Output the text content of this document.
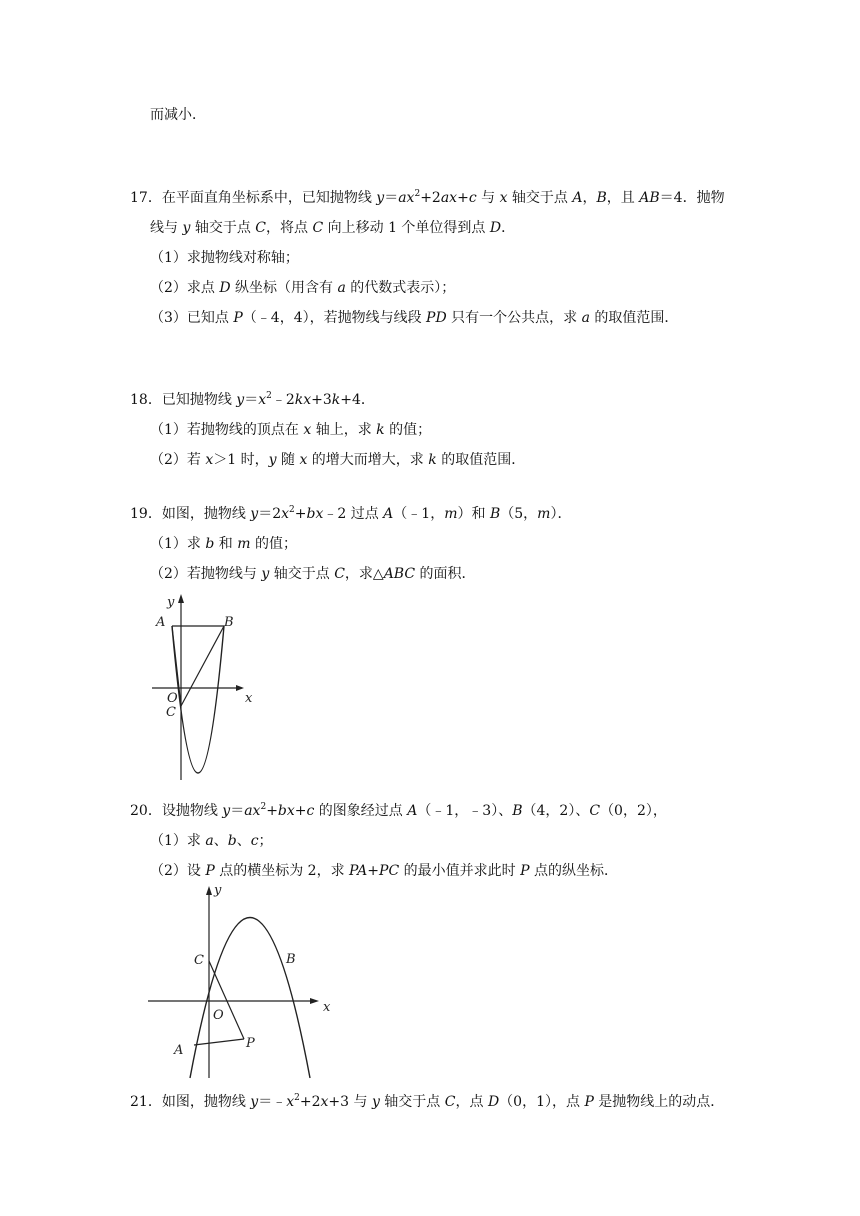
而减小．
17．在平面直角坐标系中，已知抛物线 $y=ax^2+2ax+c$ 与 x 轴交于点 A，B，且 AB＝4．抛物
线与 y 轴交于点 C，将点 C 向上移动 1 个单位得到点 D．
（1）求抛物线对称轴；
（2）求点 D 纵坐标（用含有 a 的代数式表示）；
（3）已知点 P（﹣4，4），若抛物线与线段 PD 只有一个公共点，求 a 的取值范围．
18．已知抛物线 $y=x^2﹣2kx+3k+4$．
（1）若抛物线的顶点在 x 轴上，求 k 的值；
（2）若 x＞1 时，y 随 x 的增大而增大，求 k 的取值范围．
19．如图，抛物线 $y=2x^2+bx﹣2$ 过点 A（﹣1，m）和 B（5，m）．
（1）求 b 和 m 的值；
（2）若抛物线与 y 轴交于点 C，求△ABC 的面积．
y
A	B
O
C
x
20．设抛物线 $y=ax^2+bx+c$ 的图象经过点 A（﹣1，﹣3）、B（4，2）、C（0，2），
（1）求 a、b、c；
（2）设 P 点的横坐标为 2，求 PA+PC 的最小值并求此时 P 点的纵坐标．
y
C	B
O
x
A	P
21．如图，抛物线 $y=﹣x^2+2x+3$ 与 y 轴交于点 C，点 D（0，1），点 P 是抛物线上的动点．
